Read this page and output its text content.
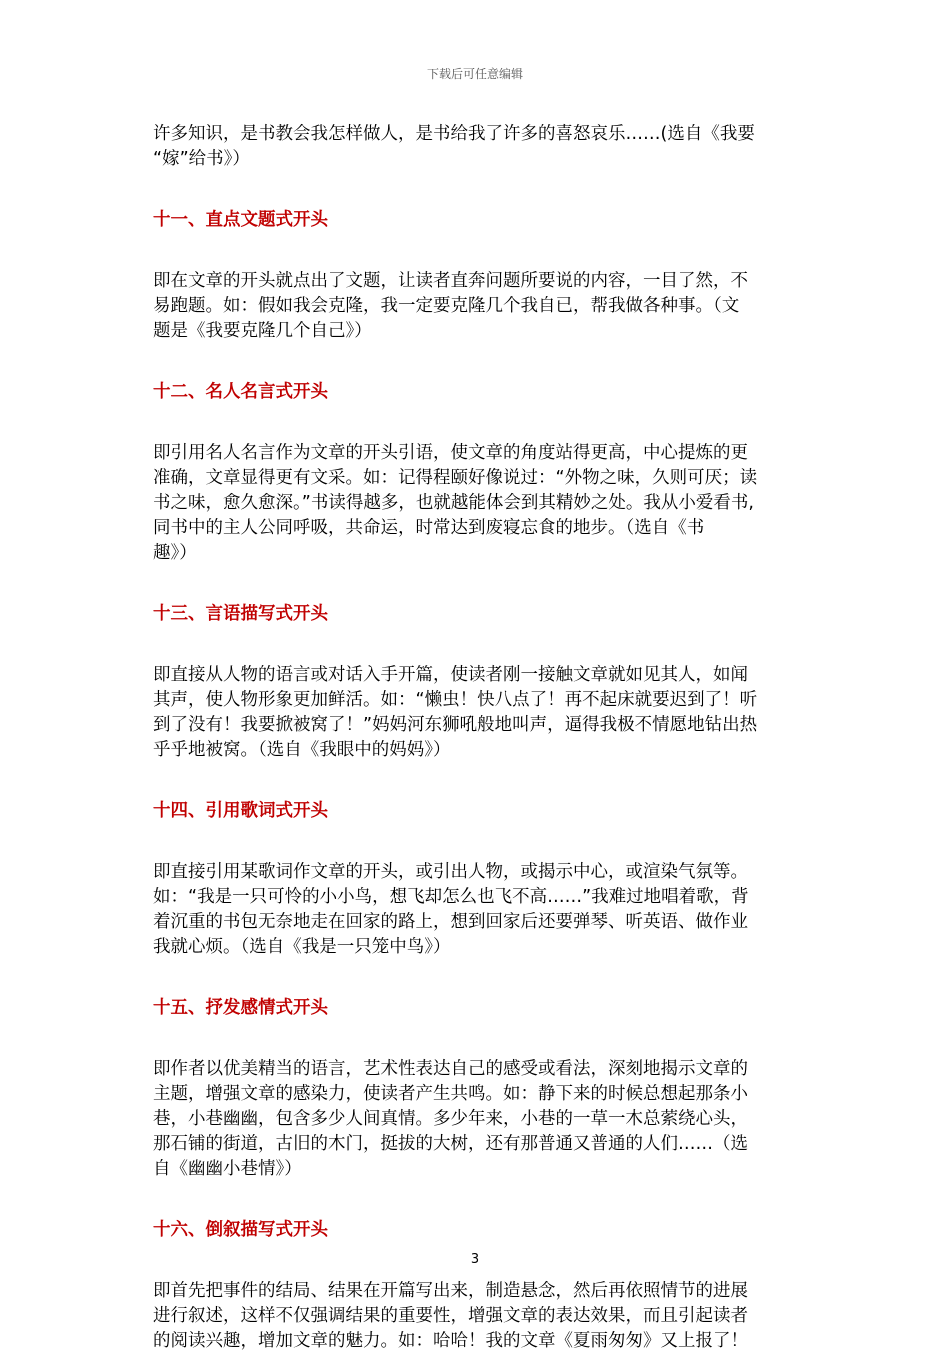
下载后可任意编辑

许多知识，是书教会我怎样做人，是书给我了许多的喜怒哀乐……(选自《我要
“嫁”给书》）

十一、直点文题式开头

即在文章的开头就点出了文题，让读者直奔问题所要说的内容，一目了然，不
易跑题。如：假如我会克隆，我一定要克隆几个我自已，帮我做各种事。（文
题是《我要克隆几个自己》）

十二、名人名言式开头

即引用名人名言作为文章的开头引语，使文章的角度站得更高，中心提炼的更
准确，文章显得更有文采。如：记得程颐好像说过：“外物之味，久则可厌；读
书之味，愈久愈深。”书读得越多，也就越能体会到其精妙之处。我从小爱看书,
同书中的主人公同呼吸，共命运，时常达到废寝忘食的地步。（选自《书
趣》）

十三、言语描写式开头

即直接从人物的语言或对话入手开篇，使读者刚一接触文章就如见其人，如闻
其声，使人物形象更加鲜活。如：“懒虫！快八点了！再不起床就要迟到了！听
到了没有！我要掀被窝了！”妈妈河东狮吼般地叫声，逼得我极不情愿地钻出热
乎乎地被窝。（选自《我眼中的妈妈》）

十四、引用歌词式开头

即直接引用某歌词作文章的开头，或引出人物，或揭示中心，或渲染气氛等。
如：“我是一只可怜的小小鸟，想飞却怎么也飞不高……”我难过地唱着歌，背
着沉重的书包无奈地走在回家的路上，想到回家后还要弹琴、听英语、做作业
我就心烦。（选自《我是一只笼中鸟》）

十五、抒发感情式开头

即作者以优美精当的语言，艺术性表达自己的感受或看法，深刻地揭示文章的
主题，增强文章的感染力，使读者产生共鸣。如：静下来的时候总想起那条小
巷，小巷幽幽，包含多少人间真情。多少年来，小巷的一草一木总萦绕心头，
那石铺的街道，古旧的木门，挺拔的大树，还有那普通又普通的人们……（选
自《幽幽小巷情》）

十六、倒叙描写式开头

即首先把事件的结局、结果在开篇写出来，制造悬念，然后再依照情节的进展
进行叙述，这样不仅强调结果的重要性，增强文章的表达效果，而且引起读者
的阅读兴趣，增加文章的魅力。如：哈哈！我的文章《夏雨匆匆》又上报了！

3
